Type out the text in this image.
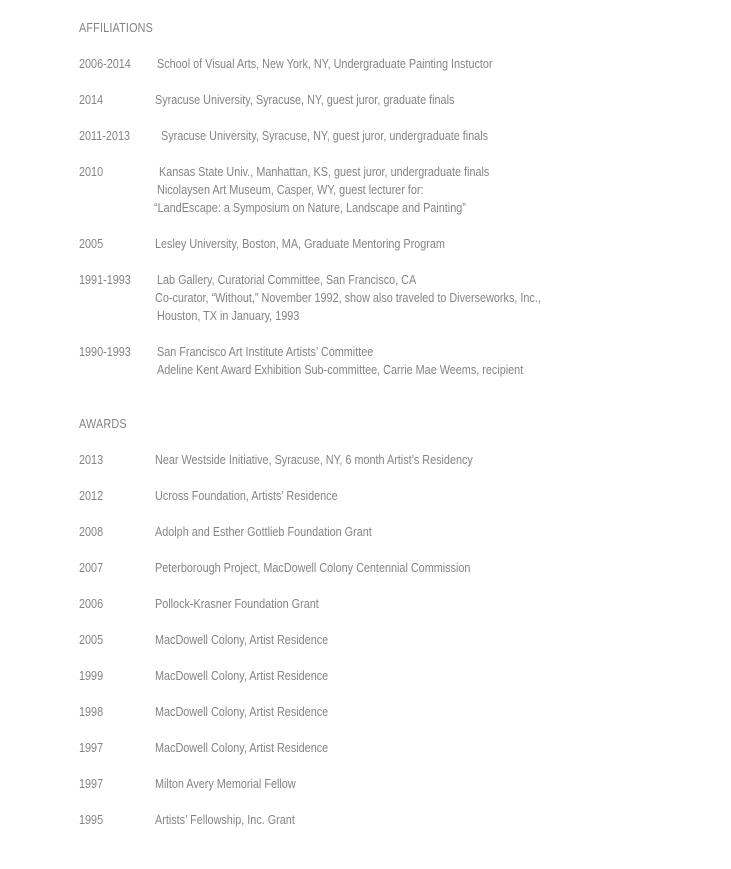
AFFILIATIONS
2006-2014 School of Visual Arts, New York, NY, Undergraduate Painting Instuctor
2014	Syracuse University, Syracuse, NY, guest juror, graduate finals
2011-2013 Syracuse University, Syracuse, NY, guest juror, undergraduate finals
2010	Kansas State Univ., Manhattan, KS, guest juror, undergraduate finals
Nicolaysen Art Museum, Casper, WY, guest lecturer for:
“LandEscape: a Symposium on Nature, Landscape and Painting”
2005	Lesley University, Boston, MA, Graduate Mentoring Program
1991-1993 Lab Gallery, Curatorial Committee, San Francisco, CA
Co-curator, “Without,” November 1992, show also traveled to Diverseworks, Inc.,
Houston, TX in January, 1993
1990-1993 San Francisco Art Institute Artists’ Committee
Adeline Kent Award Exhibition Sub-committee, Carrie Mae Weems, recipient
AWARDS
2013	Near Westside Initiative, Syracuse, NY, 6 month Artist’s Residency
2012	Ucross Foundation, Artists’ Residence
2008	Adolph and Esther Gottlieb Foundation Grant
2007	Peterborough Project, MacDowell Colony Centennial Commission
2006	Pollock-Krasner Foundation Grant
2005	MacDowell Colony, Artist Residence
1999	MacDowell Colony, Artist Residence
1998	MacDowell Colony, Artist Residence
1997	MacDowell Colony, Artist Residence
1997	Milton Avery Memorial Fellow
1995	Artists’ Fellowship, Inc. Grant
